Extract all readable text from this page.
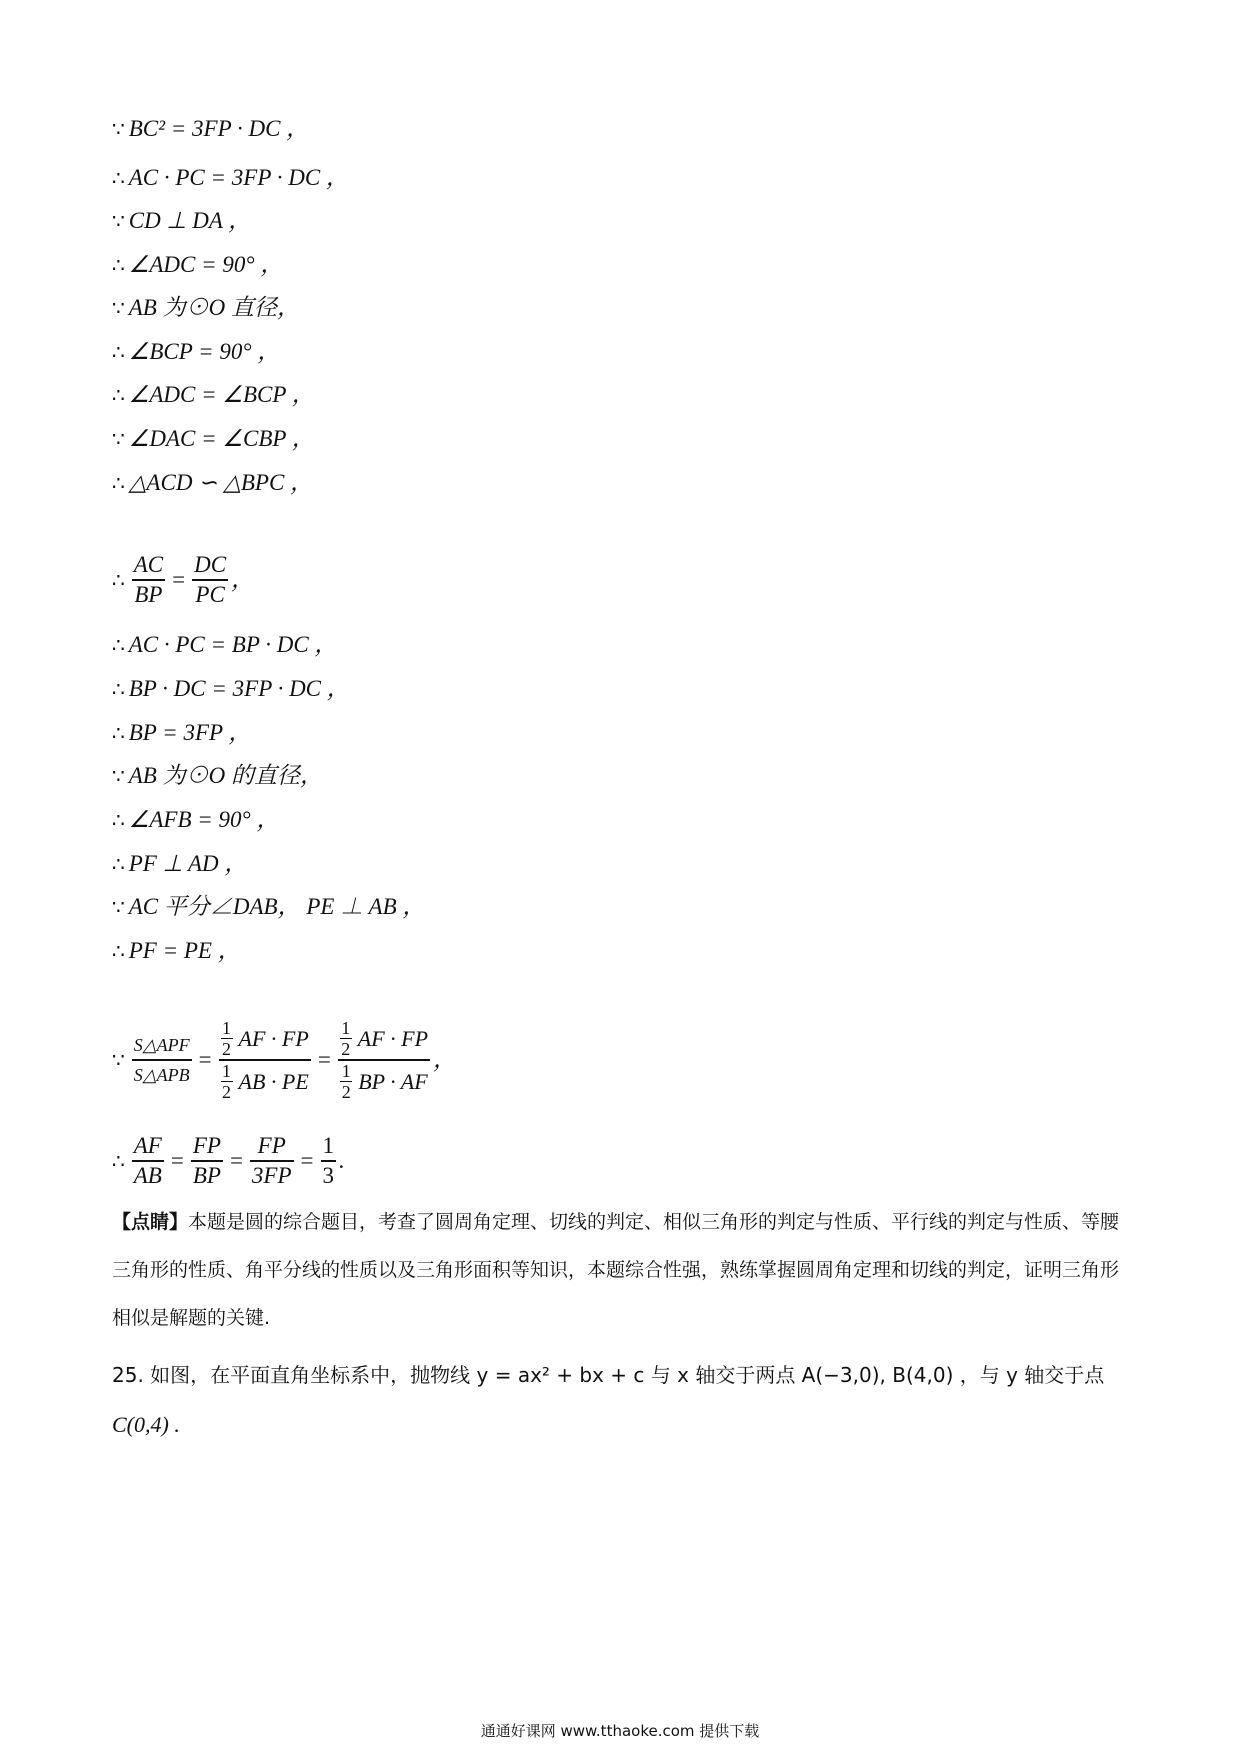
∵ BC² = 3FP · DC ，
∴ AC · PC = 3FP · DC ，
∵ CD ⊥ DA ，
∴ ∠ADC = 90° ，
∵ AB 为⊙O 直径，
∴ ∠BCP = 90° ，
∴ ∠ADC = ∠BCP ，
∵ ∠DAC = ∠CBP ，
∴ △ACD ∽ △BPC ，
∴ $\frac{AC}{BP} = \frac{DC}{PC}$ ，
∴ AC · PC = BP · DC ，
∴ BP · DC = 3FP · DC ，
∴ BP = 3FP ，
∵ AB 为⊙O 的直径，
∴ ∠AFB = 90° ，
∴ PF ⊥ AD ，
∵ AC 平分∠DAB， PE ⊥ AB ，
∴ PF = PE ，
∵ $\frac{\text{S△APF}}{\text{S△APB}} = 1$
2 AF · FP
1
2 AB · PE = 1
2 AF · FP
1
2 BP · AF ，
∴ $\frac{AF}{AB} = \frac{FP}{BP} = \frac{FP}{3FP} = \frac{1}{3}$ .
【点睛】本题是圆的综合题目，考查了圆周角定理、切线的判定、相似三角形的判定与性质、平行线的判定与性质、等腰三角形的性质、角平分线的性质以及三角形面积等知识，本题综合性强，熟练掌握圆周角定理和切线的判定，证明三角形相似是解题的关键.
25. 如图，在平面直角坐标系中，抛物线 y = ax² + bx + c 与 x 轴交于两点 A(−3,0), B(4,0) ，与 y 轴交于点
C(0,4) .
通通好课网 www.tthaoke.com 提供下载
